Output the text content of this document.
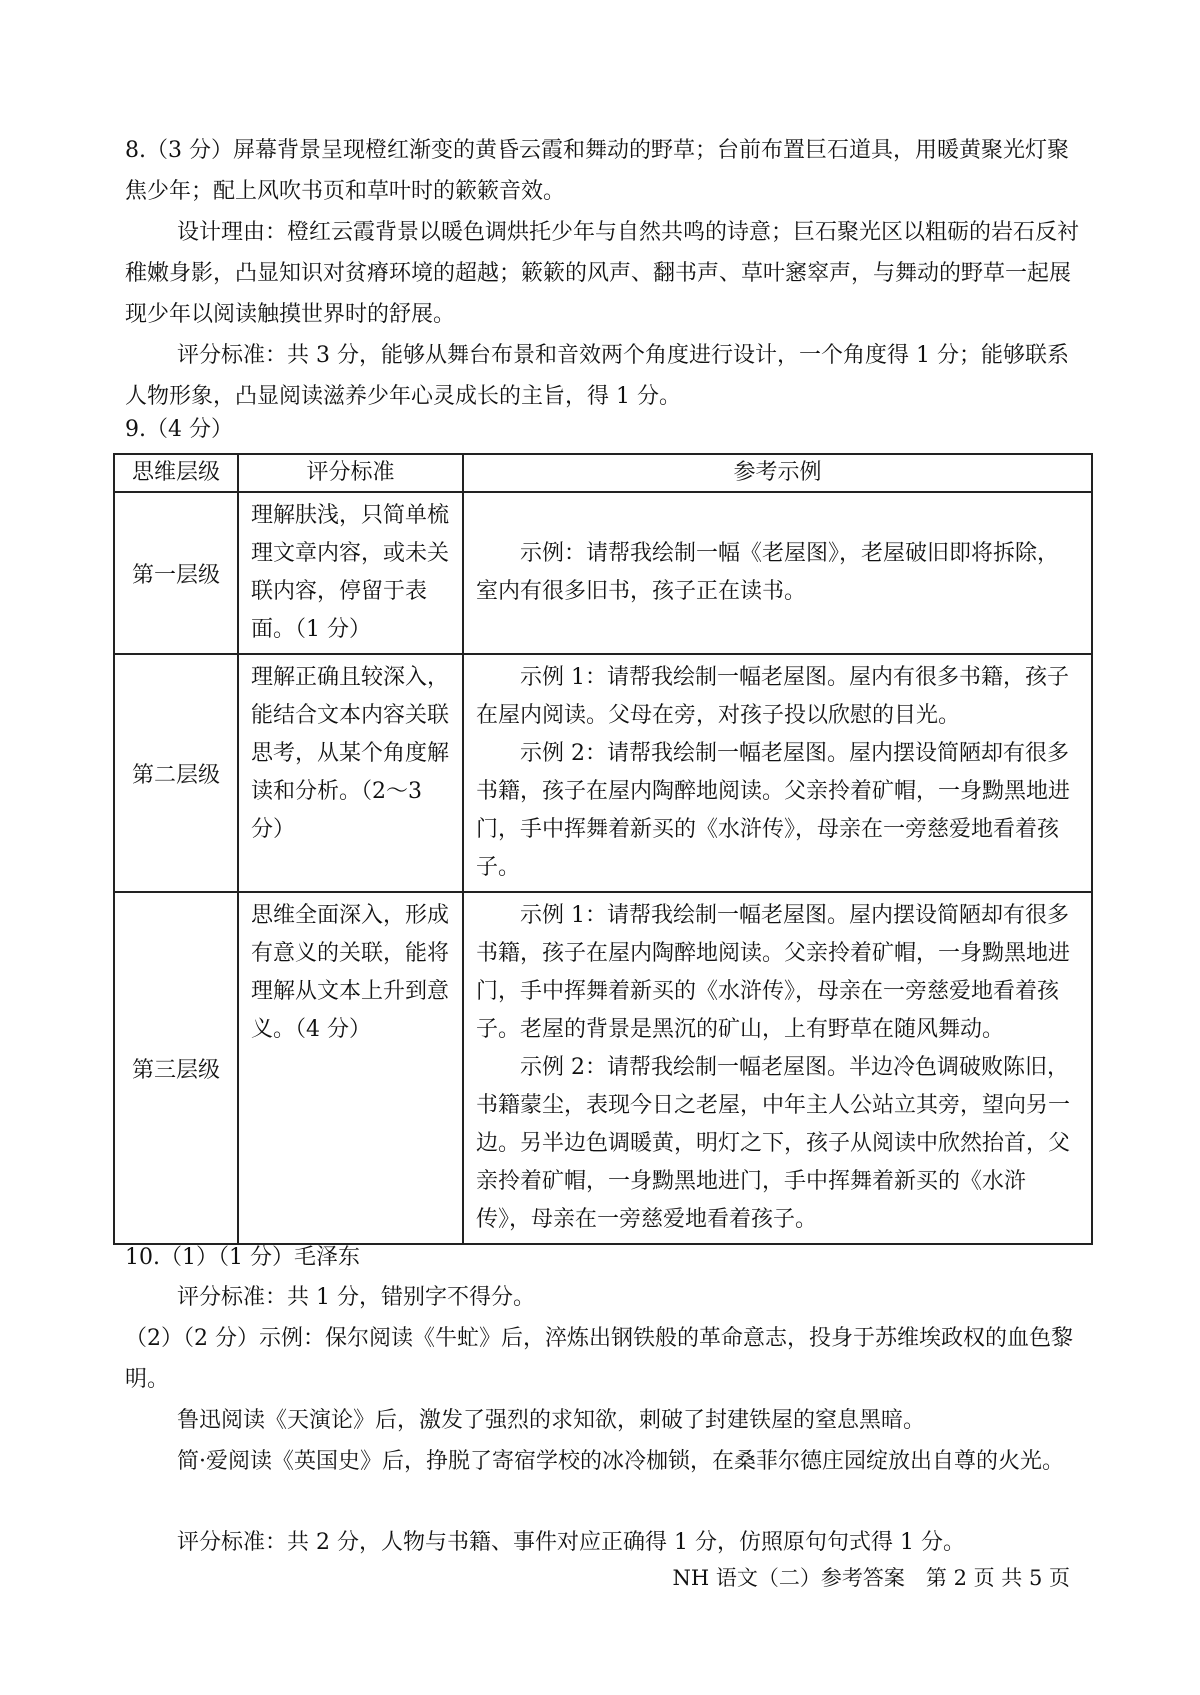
8.（3 分）屏幕背景呈现橙红渐变的黄昏云霞和舞动的野草；台前布置巨石道具，用暖黄聚光灯聚焦少年；配上风吹书页和草叶时的簌簌音效。

设计理由：橙红云霞背景以暖色调烘托少年与自然共鸣的诗意；巨石聚光区以粗砺的岩石反衬稚嫩身影，凸显知识对贫瘠环境的超越；簌簌的风声、翻书声、草叶窸窣声，与舞动的野草一起展现少年以阅读触摸世界时的舒展。

评分标准：共 3 分，能够从舞台布景和音效两个角度进行设计，一个角度得 1 分；能够联系人物形象，凸显阅读滋养少年心灵成长的主旨，得 1 分。

9.（4 分）

思维层级	评分标准	参考示例
第一层级	理解肤浅，只简单梳理文章内容，或未关联内容，停留于表面。（1 分）	示例：请帮我绘制一幅《老屋图》，老屋破旧即将拆除，室内有很多旧书，孩子正在读书。

第二层级	理解正确且较深入，能结合文本内容关联思考，从某个角度解读和分析。（2～3 分）	示例 1：请帮我绘制一幅老屋图。屋内有很多书籍，孩子在屋内阅读。父母在旁，对孩子投以欣慰的目光。

示例 2：请帮我绘制一幅老屋图。屋内摆设简陋却有很多书籍，孩子在屋内陶醉地阅读。父亲拎着矿帽，一身黝黑地进门，手中挥舞着新买的《水浒传》，母亲在一旁慈爱地看着孩子。

第三层级	思维全面深入，形成有意义的关联，能将理解从文本上升到意义。（4 分）	示例 1：请帮我绘制一幅老屋图。屋内摆设简陋却有很多书籍，孩子在屋内陶醉地阅读。父亲拎着矿帽，一身黝黑地进门，手中挥舞着新买的《水浒传》，母亲在一旁慈爱地看着孩子。老屋的背景是黑沉的矿山，上有野草在随风舞动。

示例 2：请帮我绘制一幅老屋图。半边冷色调破败陈旧，书籍蒙尘，表现今日之老屋，中年主人公站立其旁，望向另一边。另半边色调暖黄，明灯之下，孩子从阅读中欣然抬首，父亲拎着矿帽，一身黝黑地进门，手中挥舞着新买的《水浒传》，母亲在一旁慈爱地看着孩子。

10.（1）（1 分）毛泽东

评分标准：共 1 分，错别字不得分。

（2）（2 分）示例：保尔阅读《牛虻》后，淬炼出钢铁般的革命意志，投身于苏维埃政权的血色黎明。

鲁迅阅读《天演论》后，激发了强烈的求知欲，刺破了封建铁屋的窒息黑暗。

简·爱阅读《英国史》后，挣脱了寄宿学校的冰冷枷锁，在桑菲尔德庄园绽放出自尊的火光。

评分标准：共 2 分，人物与书籍、事件对应正确得 1 分，仿照原句句式得 1 分。

NH 语文（二）参考答案　第 2 页 共 5 页
